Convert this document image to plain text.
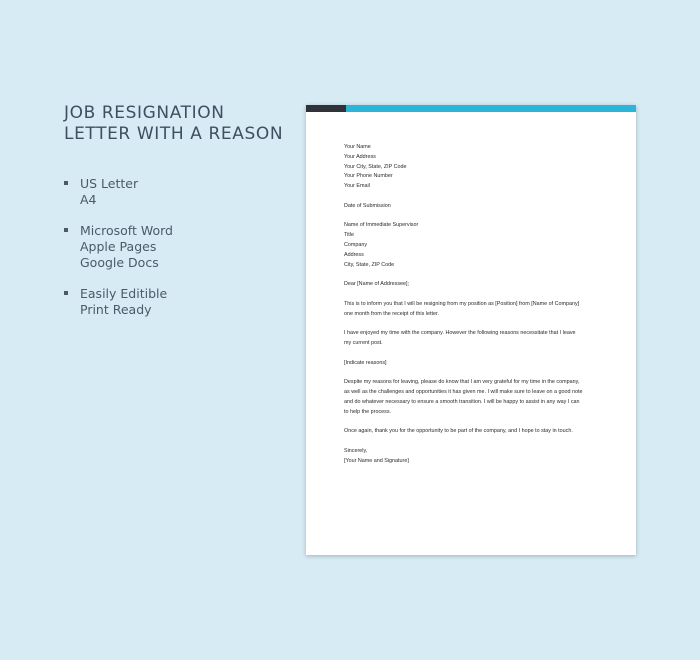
JOB RESIGNATION
LETTER WITH A REASON
US Letter
A4
Microsoft Word
Apple Pages
Google Docs
Easily Editible
Print Ready
Your Name
Your Address
Your City, State, ZIP Code
Your Phone Number
Your Email
Date of Submission
Name of Immediate Supervisor
Title
Company
Address
City, State, ZIP Code
Dear [Name of Addressee];
This is to inform you that I will be resigning from my position as [Position] from [Name of Company]
one month from the receipt of this letter.
I have enjoyed my time with the company. However the following reasons necessitate that I leave
my current post.
[Indicate reasons]
Despite my reasons for leaving, please do know that I am very grateful for my time in the company,
as well as the challenges and opportunities it has given me. I will make sure to leave on a good note
and do whatever necessary to ensure a smooth transition. I will be happy to assist in any way I can
to help the process.
Once again, thank you for the opportunity to be part of the company, and I hope to stay in touch.
Sincerely,
[Your Name and Signature]
